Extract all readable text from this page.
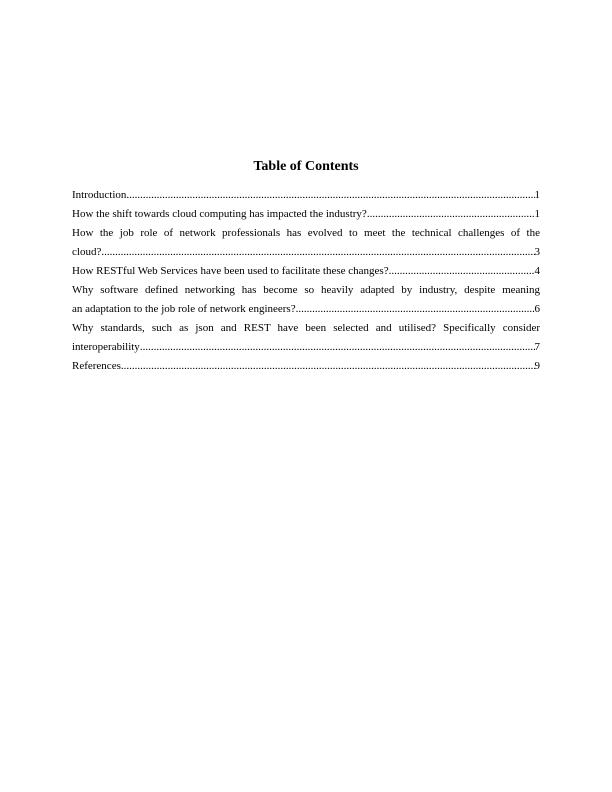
Table of Contents
Introduction .....	1
How the shift towards cloud computing has impacted the industry? .....	1
How the job role of network professionals has evolved to meet the technical challenges of the
cloud? .....	3
How RESTful Web Services have been used to facilitate these changes? .....	4
Why software defined networking has become so heavily adapted by industry, despite meaning
an adaptation to the job role of network engineers? .....	6
Why standards, such as json and REST have been selected and utilised? Specifically consider
interoperability .....	7
References .....	9
